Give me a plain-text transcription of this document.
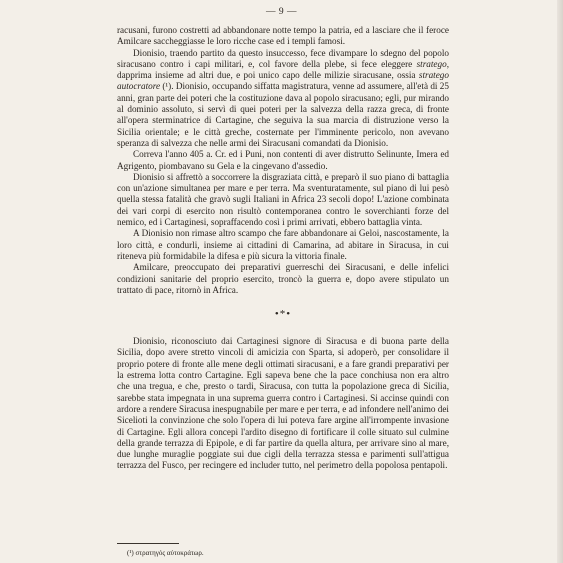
— 9 —

racusani, furono costretti ad abbandonare notte tempo la patria, ed a lasciare che il feroce Amilcare saccheggiasse le loro ricche case ed i templi famosi.

Dionisio, traendo partito da questo insuccesso, fece divampare lo sdegno del popolo siracusano contro i capi militari, e, col favore della plebe, si fece eleggere stratego, dapprima insieme ad altri due, e poi unico capo delle milizie siracusane, ossia stratego autocratore (¹). Dionisio, occupando siffatta magistratura, venne ad assumere, all'età di 25 anni, gran parte dei poteri che la costituzione dava al popolo siracusano; egli, pur mirando al dominio assoluto, si servì di quei poteri per la salvezza della razza greca, di fronte all'opera sterminatrice di Cartagine, che seguiva la sua marcia di distruzione verso la Sicilia orientale; e le città greche, costernate per l'imminente pericolo, non avevano speranza di salvezza che nelle armi dei Siracusani comandati da Dionisio.

Correva l'anno 405 a. Cr. ed i Puni, non contenti di aver distrutto Selinunte, Imera ed Agrigento, piombavano su Gela e la cingevano d'assedio.

Dionisio si affrettò a soccorrere la disgraziata città, e preparò il suo piano di battaglia con un'azione simultanea per mare e per terra. Ma sventuratamente, sul piano di lui pesò quella stessa fatalità che gravò sugli Italiani in Africa 23 secoli dopo! L'azione combinata dei vari corpi di esercito non risultò contemporanea contro le soverchianti forze del nemico, ed i Cartaginesi, sopraffacendo così i primi arrivati, ebbero battaglia vinta.

A Dionisio non rimase altro scampo che fare abbandonare ai Geloi, nascostamente, la loro città, e condurli, insieme ai cittadini di Camarina, ad abitare in Siracusa, in cui riteneva più formidabile la difesa e più sicura la vittoria finale.

Amilcare, preoccupato dei preparativi guerreschi dei Siracusani, e delle infelici condizioni sanitarie del proprio esercito, troncò la guerra e, dopo avere stipulato un trattato di pace, ritornò in Africa.

•*•

Dionisio, riconosciuto dai Cartaginesi signore di Siracusa e di buona parte della Sicilia, dopo avere stretto vincoli di amicizia con Sparta, si adoperò, per consolidare il proprio potere di fronte alle mene degli ottimati siracusani, e a fare grandi preparativi per la estrema lotta contro Cartagine. Egli sapeva bene che la pace conchiusa non era altro che una tregua, e che, presto o tardi, Siracusa, con tutta la popolazione greca di Sicilia, sarebbe stata impegnata in una suprema guerra contro i Cartaginesi. Si accinse quindi con ardore a rendere Siracusa inespugnabile per mare e per terra, e ad infondere nell'animo dei Sicelioti la convinzione che solo l'opera di lui poteva fare argine all'irrompente invasione di Cartagine. Egli allora concepì l'ardito disegno di fortificare il colle situato sul culmine della grande terrazza di Epipole, e di far partire da quella altura, per arrivare sino al mare, due lunghe muraglie poggiate sui due cigli della terrazza stessa e parimenti sull'attigua terrazza del Fusco, per recingere ed includer tutto, nel perimetro della popolosa pentapoli.

(¹) στρατηγός αὐτοκράτωρ.
